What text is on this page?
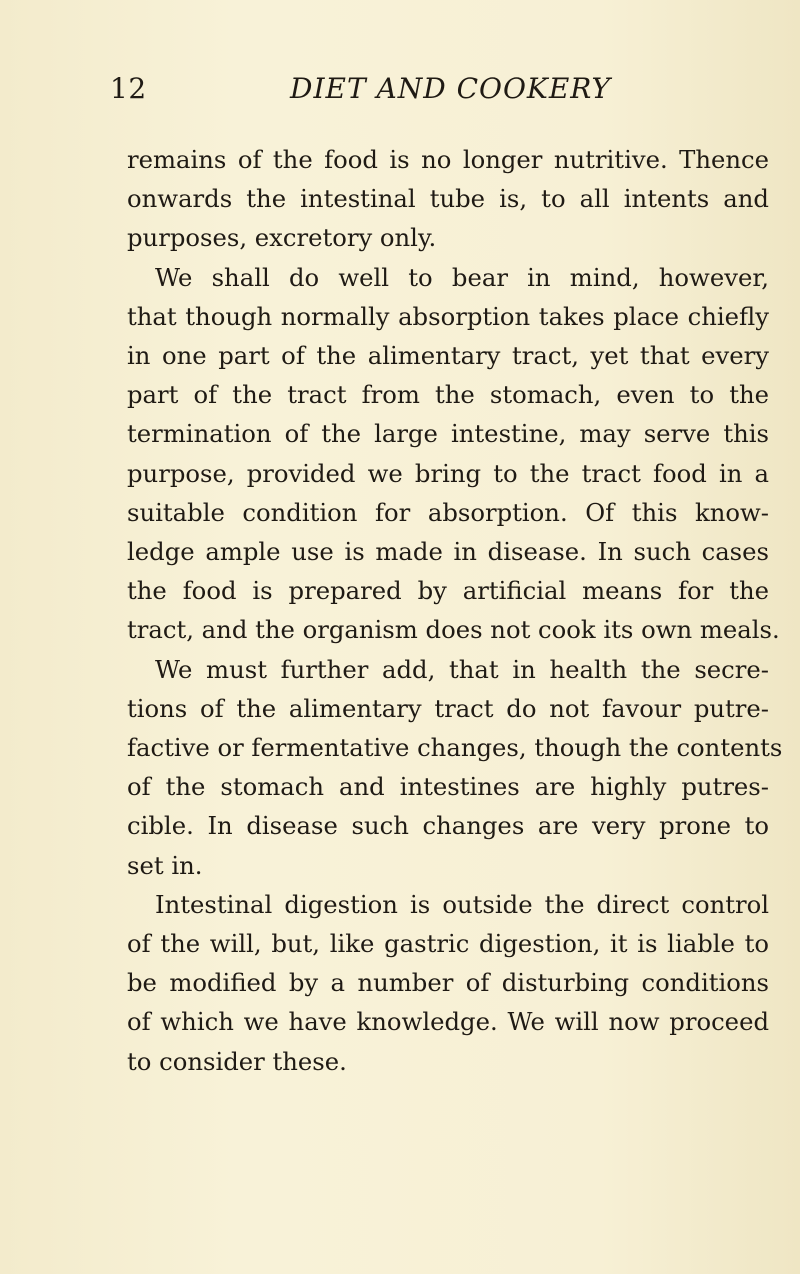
12	DIET AND COOKERY

remains of the food is no longer nutritive. Thence
onwards the intestinal tube is, to all intents and
purposes, excretory only.

We shall do well to bear in mind, however,
that though normally absorption takes place chiefly
in one part of the alimentary tract, yet that every
part of the tract from the stomach, even to the
termination of the large intestine, may serve this
purpose, provided we bring to the tract food in a
suitable condition for absorption. Of this know-
ledge ample use is made in disease. In such cases
the food is prepared by artificial means for the
tract, and the organism does not cook its own meals.

We must further add, that in health the secre-
tions of the alimentary tract do not favour putre-
factive or fermentative changes, though the contents
of the stomach and intestines are highly putres-
cible. In disease such changes are very prone to
set in.

Intestinal digestion is outside the direct control
of the will, but, like gastric digestion, it is liable to
be modified by a number of disturbing conditions
of which we have knowledge. We will now proceed
to consider these.
